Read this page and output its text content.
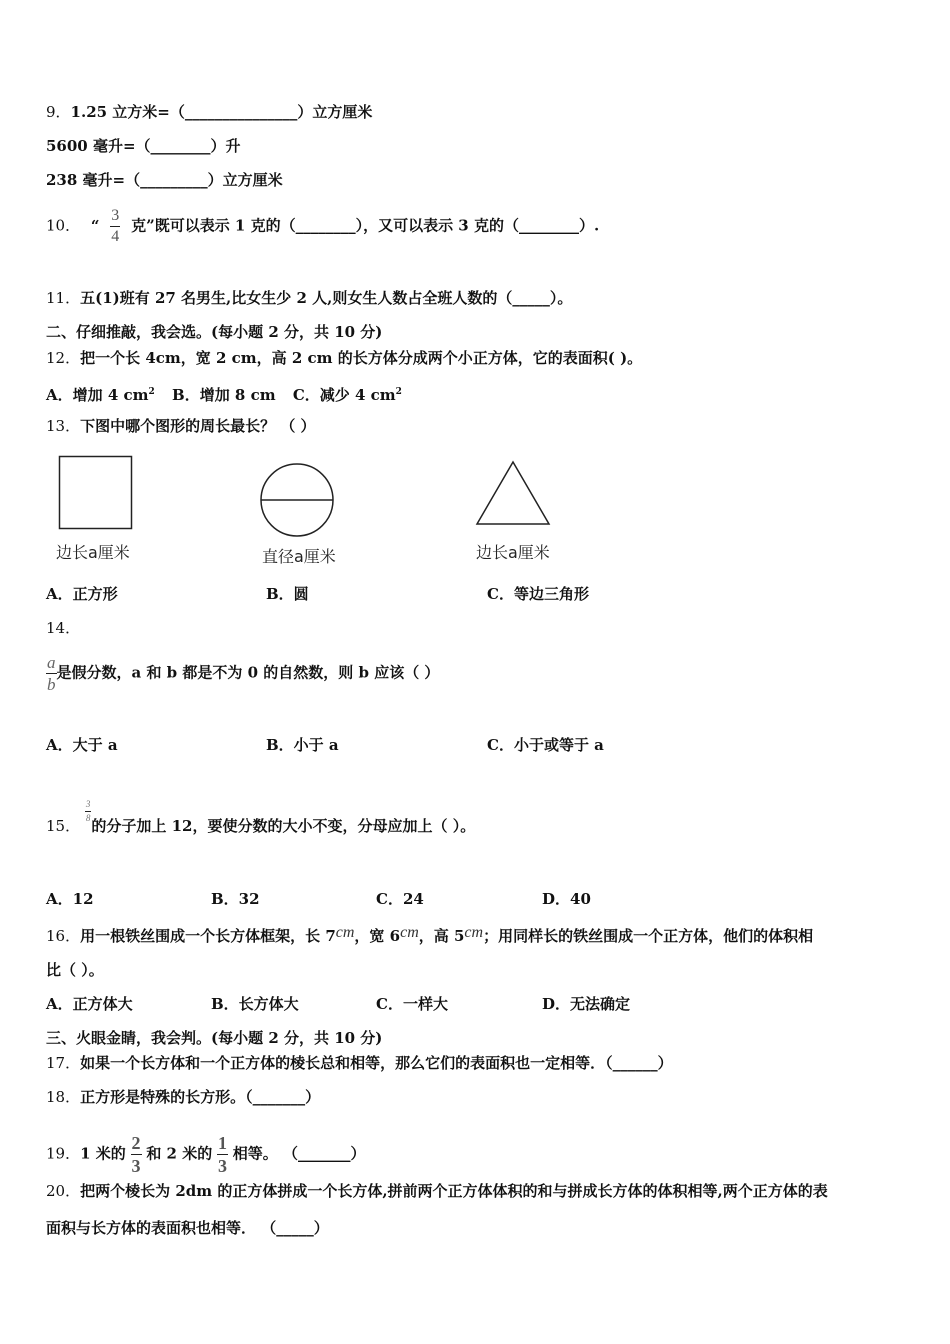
9．1.25 立方米=（_______________）立方厘米
5600 毫升=（________）升
238 毫升=（_________）立方厘米
10． “ $\frac{3}{4}$ 克”既可以表示 1 克的（________），又可以表示 3 克的（________）.
11．五(1)班有 27 名男生,比女生少 2 人,则女生人数占全班人数的（_____）。
二、仔细推敲，我会选。(每小题 2 分，共 10 分)
12．把一个长 4cm，宽 2 cm，高 2 cm 的长方体分成两个小正方体，它的表面积( )。
A．增加 4 $cm^2$ B．增加 8 cm C．减少 4 $cm^2$
13．下图中哪个图形的周长最长？ （ ）
边长a厘米	直径a厘米	边长a厘米
A．正方形	B．圆	C．等边三角形
14．
$\frac{a}{b}$ 是假分数，a 和 b 都是不为 0 的自然数，则 b 应该（ ）
A．大于 a	B．小于 a	C．小于或等于 a
15．
$\frac{3}{8}$
的分子加上 12，要使分数的大小不变，分母应加上（ ）。
A．12	B．32	C．24	D．40
16．用一根铁丝围成一个长方体框架，长 7cm，宽 6cm，高 5cm；用同样长的铁丝围成一个正方体，他们的体积相
比（ ）。
A．正方体大	B．长方体大	C．一样大	D．无法确定
三、火眼金睛，我会判。(每小题 2 分，共 10 分)
17．如果一个长方体和一个正方体的棱长总和相等，那么它们的表面积也一定相等．（______）
18．正方形是特殊的长方形。（_______）
19．1 米的 $\frac{2}{3}$ 和 2 米的 $\frac{1}{3}$ 相等。 （_______）
20．把两个棱长为 2dm 的正方体拼成一个长方体,拼前两个正方体体积的和与拼成长方体的体积相等,两个正方体的表
面积与长方体的表面积也相等． （_____）
